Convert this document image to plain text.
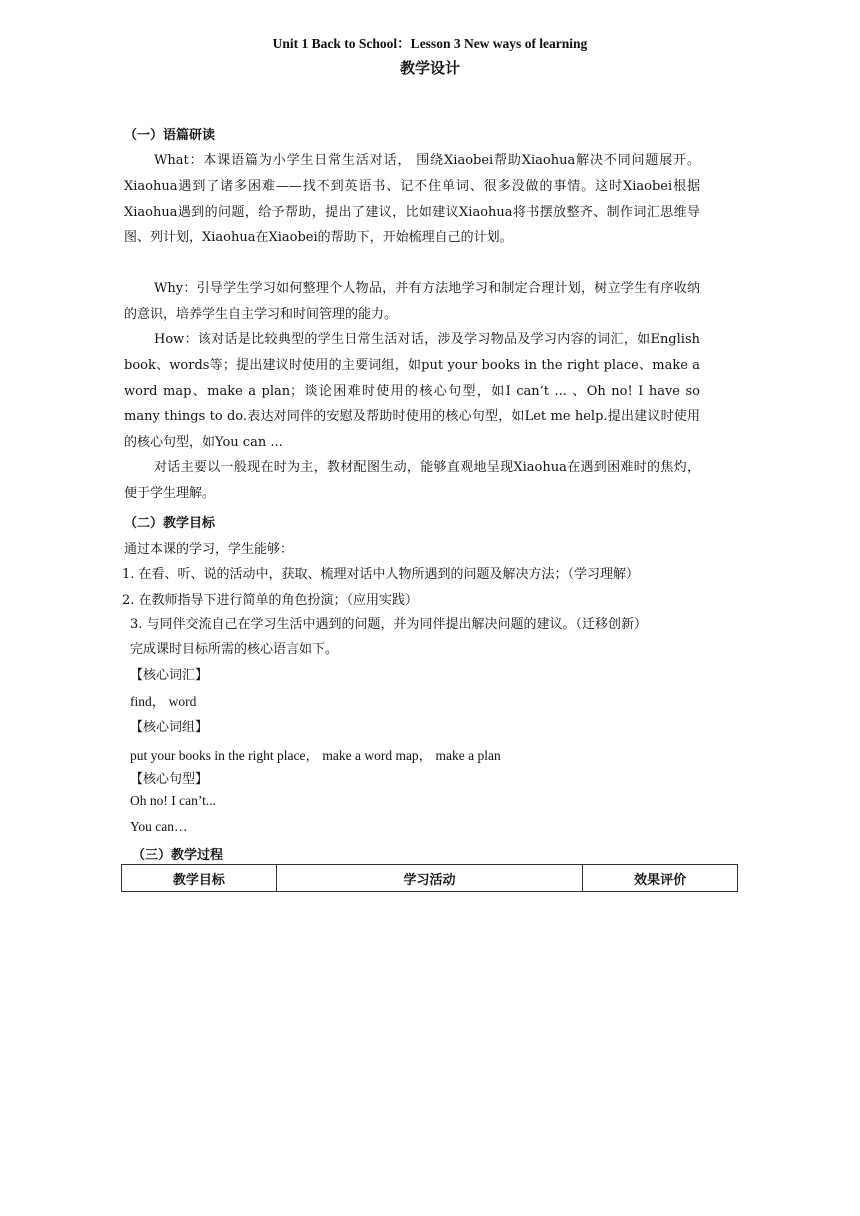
Unit 1 Back to School：Lesson 3 New ways of learning
教学设计
（一）语篇研读

What：本课语篇为小学生日常生活对话， 围绕Xiaobei帮助Xiaohua解决不同问题展开。 Xiaohua遇到了诸多困难——找不到英语书、记不住单词、很多没做的事情。这时Xiaobei根据Xiaohua遇到的问题，给予帮助，提出了建议，比如建议Xiaohua将书摆放整齐、制作词汇思维导图、列计划，Xiaohua在Xiaobei的帮助下，开始梳理自己的计划。

Why：引导学生学习如何整理个人物品，并有方法地学习和制定合理计划，树立学生有序收纳的意识，培养学生自主学习和时间管理的能力。

How：该对话是比较典型的学生日常生活对话，涉及学习物品及学习内容的词汇，如English book、words等；提出建议时使用的主要词组，如put your books in the right place、make a word map、make a plan；谈论困难时使用的核心句型，如I can’t ... 、Oh no! I have so many things to do.表达对同伴的安慰及帮助时使用的核心句型，如Let me help.提出建议时使用的核心句型，如You can ...

对话主要以一般现在时为主，教材配图生动，能够直观地呈现Xiaohua在遇到困难时的焦灼，便于学生理解。

（二）教学目标
通过本课的学习，学生能够：
1. 在看、听、说的活动中，获取、梳理对话中人物所遇到的问题及解决方法；（学习理解）
2. 在教师指导下进行简单的角色扮演；（应用实践）
3. 与同伴交流自己在学习生活中遇到的问题，并为同伴提出解决问题的建议。（迁移创新）
完成课时目标所需的核心语言如下。
【核心词汇】
find， word
【核心词组】
put your books in the right place， make a word map， make a plan
【核心句型】
Oh no! I can’t...
You can…
（三）教学过程
教学目标	学习活动	效果评价
